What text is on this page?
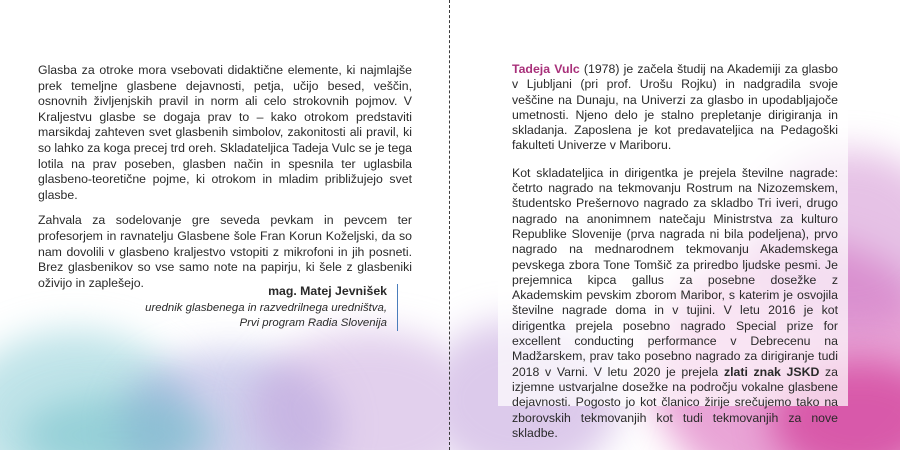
Glasba za otroke mora vsebovati didaktične elemente, ki najmlajše prek temeljne glasbene dejavnosti, petja, učijo besed, veščin, osnovnih življenjskih pravil in norm ali celo strokovnih pojmov. V Kraljestvu glasbe se dogaja prav to – kako otrokom predstaviti marsikdaj zahteven svet glasbenih simbolov, zakonitosti ali pravil, ki so lahko za koga precej trd oreh. Skladateljica Tadeja Vulc se je tega lotila na prav poseben, glasben način in spesnila ter uglasbila glasbeno-teoretične pojme, ki otrokom in mladim približujejo svet glasbe.

Zahvala za sodelovanje gre seveda pevkam in pevcem ter profesorjem in ravnatelju Glasbene šole Fran Korun Koželjski, da so nam dovolili v glasbeno kraljestvo vstopiti z mikrofoni in jih posneti. Brez glasbenikov so vse samo note na papirju, ki šele z glasbeniki oživijo in zaplešejo.

mag. Matej Jevnišek
urednik glasbenega in razvedrilnega uredništva,
Prvi program Radia Slovenija

Tadeja Vulc (1978) je začela študij na Akademiji za glasbo v Ljubljani (pri prof. Urošu Rojku) in nadgradila svoje veščine na Dunaju, na Univerzi za glasbo in upodabljajoče umetnosti. Njeno delo je stalno prepletanje dirigiranja in skladanja. Zaposlena je kot predavateljica na Pedagoški fakulteti Univerze v Mariboru.

Kot skladateljica in dirigentka je prejela številne nagrade: četrto nagrado na tekmovanju Rostrum na Nizozemskem, študentsko Prešernovo nagrado za skladbo Tri iveri, drugo nagrado na anonimnem natečaju Ministrstva za kulturo Republike Slovenije (prva nagrada ni bila podeljena), prvo nagrado na mednarodnem tekmovanju Akademskega pevskega zbora Tone Tomšič za priredbo ljudske pesmi. Je prejemnica kipca gallus za posebne dosežke z Akademskim pevskim zborom Maribor, s katerim je osvojila številne nagrade doma in v tujini. V letu 2016 je kot dirigentka prejela posebno nagrado Special prize for excellent conducting performance v Debrecenu na Madžarskem, prav tako posebno nagrado za dirigiranje tudi 2018 v Varni. V letu 2020 je prejela zlati znak JSKD za izjemne ustvarjalne dosežke na področju vokalne glasbene dejavnosti. Pogosto jo kot članico žirije srečujemo tako na zborovskih tekmovanjih kot tudi tekmovanjih za nove skladbe.
